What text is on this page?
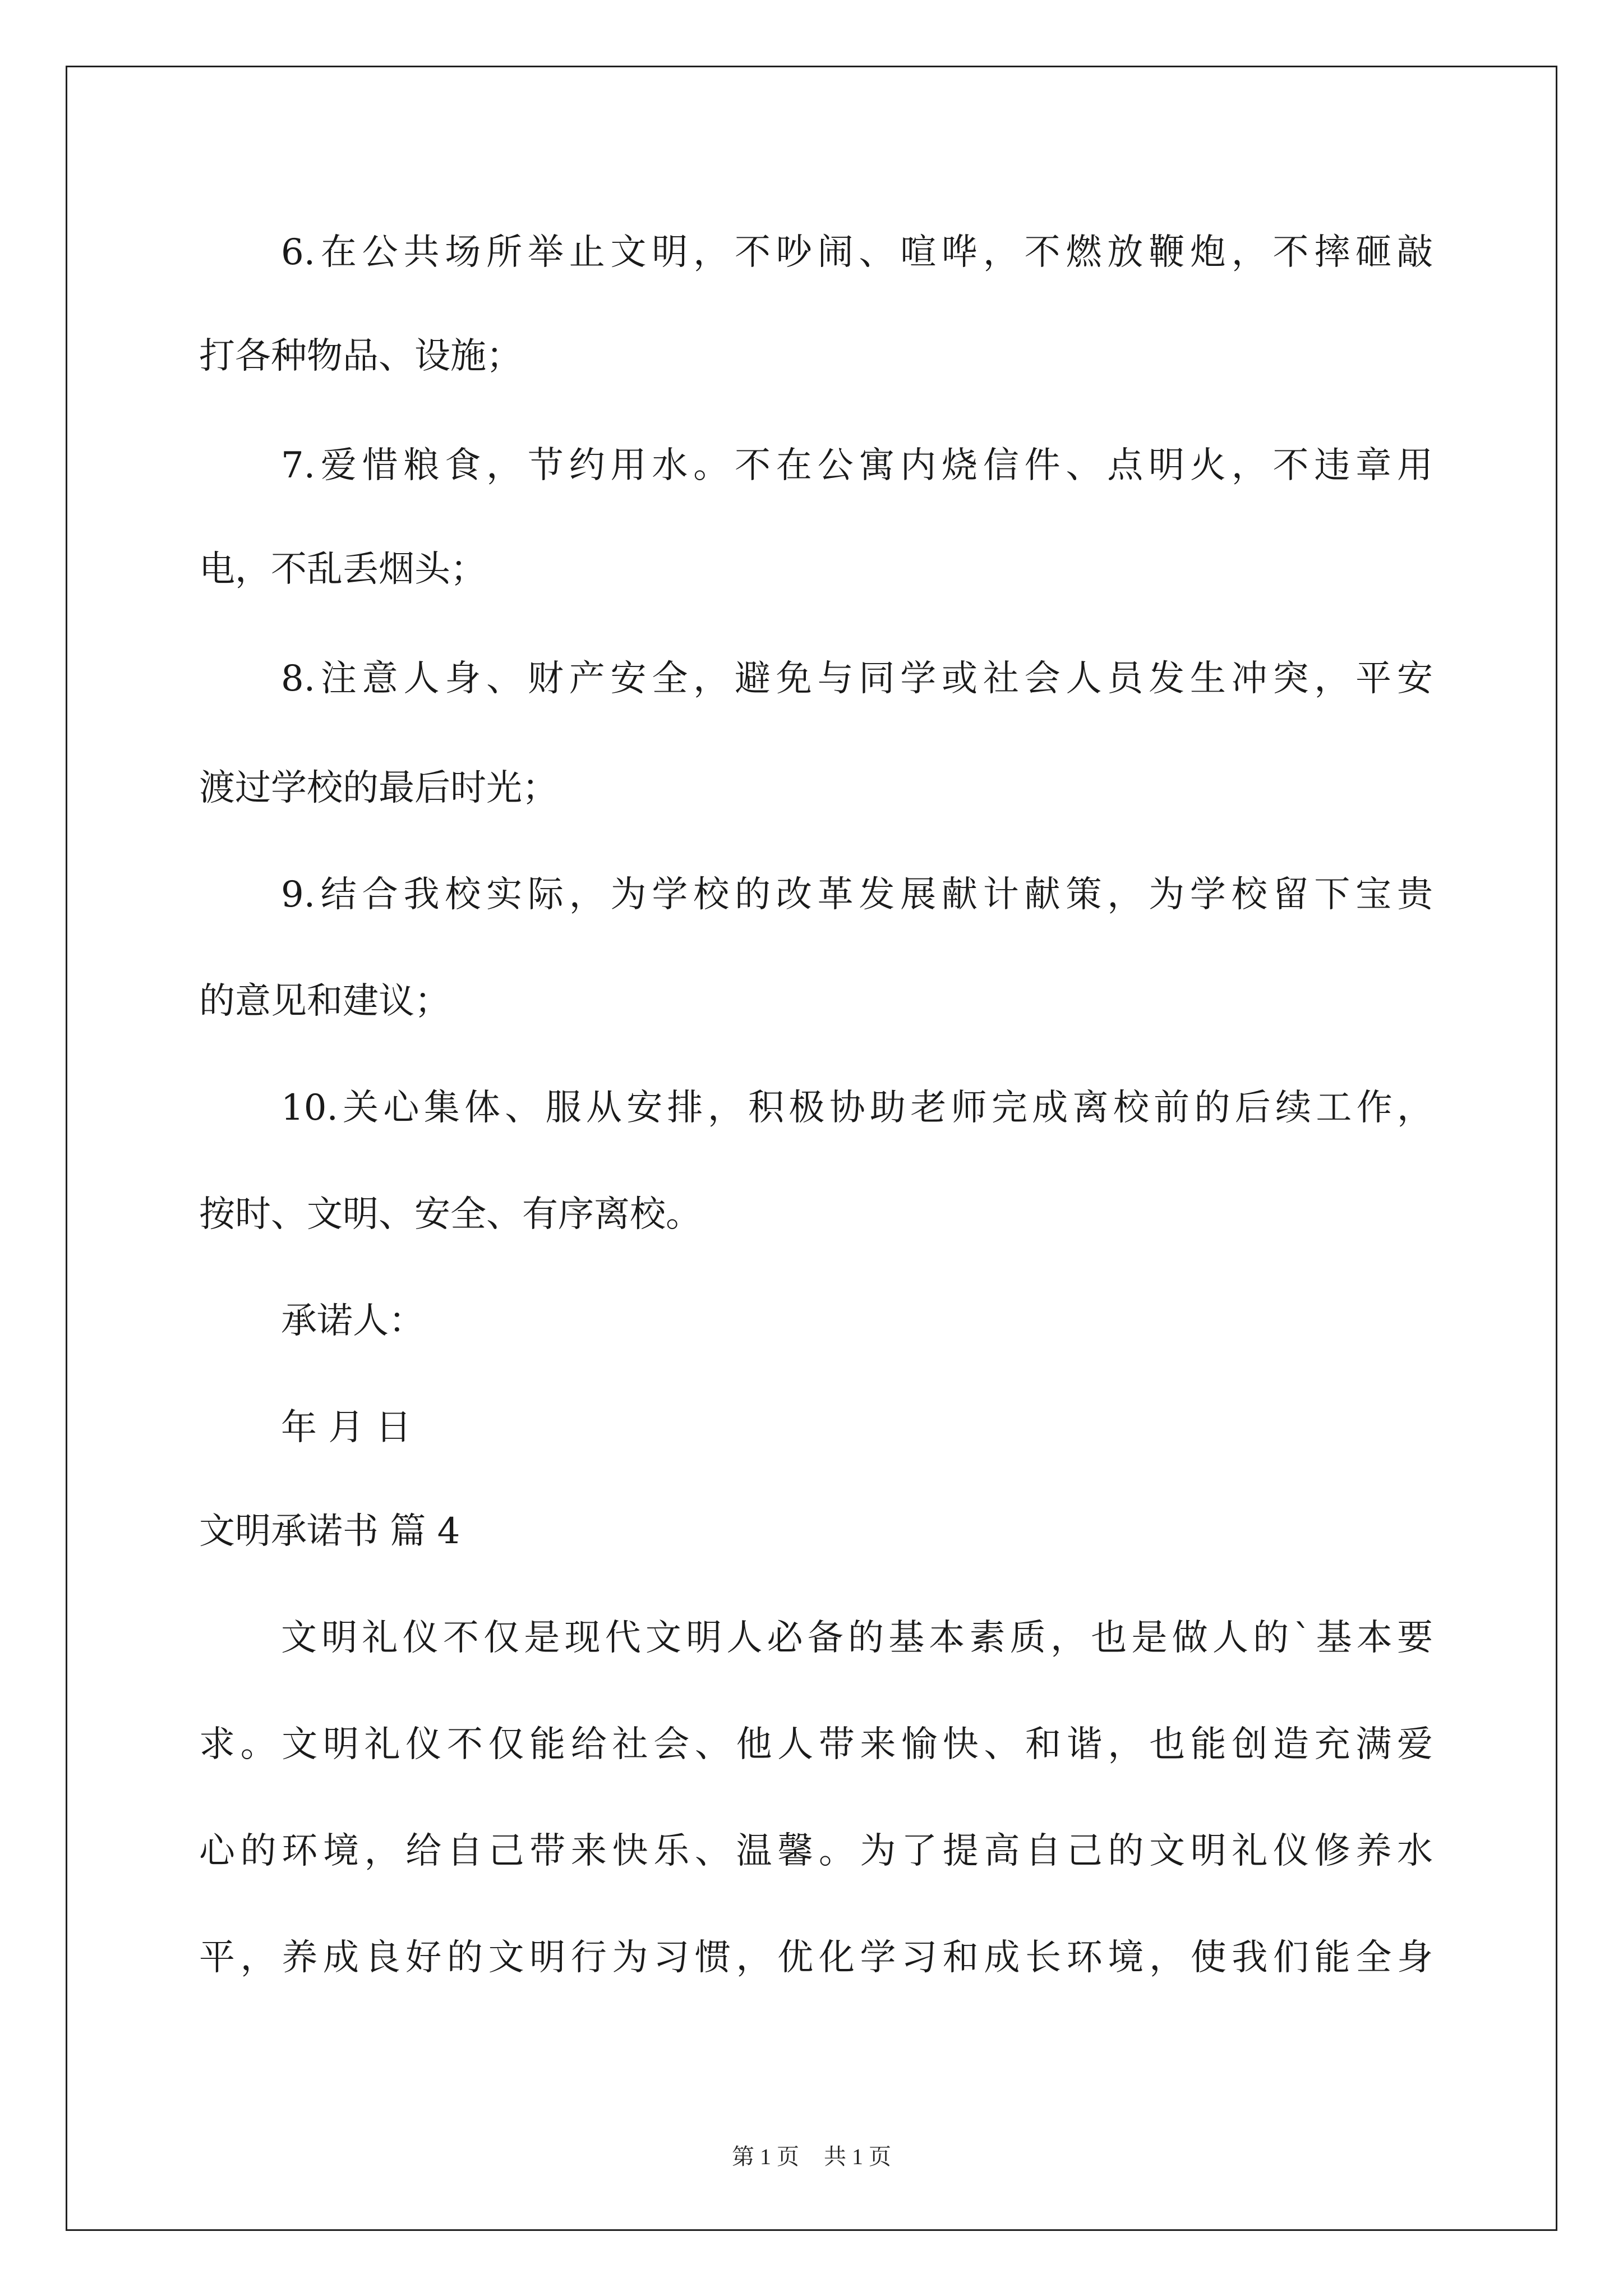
6.在公共场所举止文明，不吵闹、喧哗，不燃放鞭炮，不摔砸敲
打各种物品、设施；
7.爱惜粮食，节约用水。不在公寓内烧信件、点明火，不违章用
电，不乱丢烟头；
8.注意人身、财产安全，避免与同学或社会人员发生冲突，平安
渡过学校的最后时光；
9.结合我校实际，为学校的改革发展献计献策，为学校留下宝贵
的意见和建议；
10.关心集体、服从安排，积极协助老师完成离校前的后续工作，
按时、文明、安全、有序离校。
承诺人：
年 月 日
文明承诺书 篇 4
文明礼仪不仅是现代文明人必备的基本素质，也是做人的`基本要
求。文明礼仪不仅能给社会、他人带来愉快、和谐，也能创造充满爱
心的环境，给自己带来快乐、温馨。为了提高自己的文明礼仪修养水
平，养成良好的文明行为习惯，优化学习和成长环境，使我们能全身
第 1 页 共 1 页
